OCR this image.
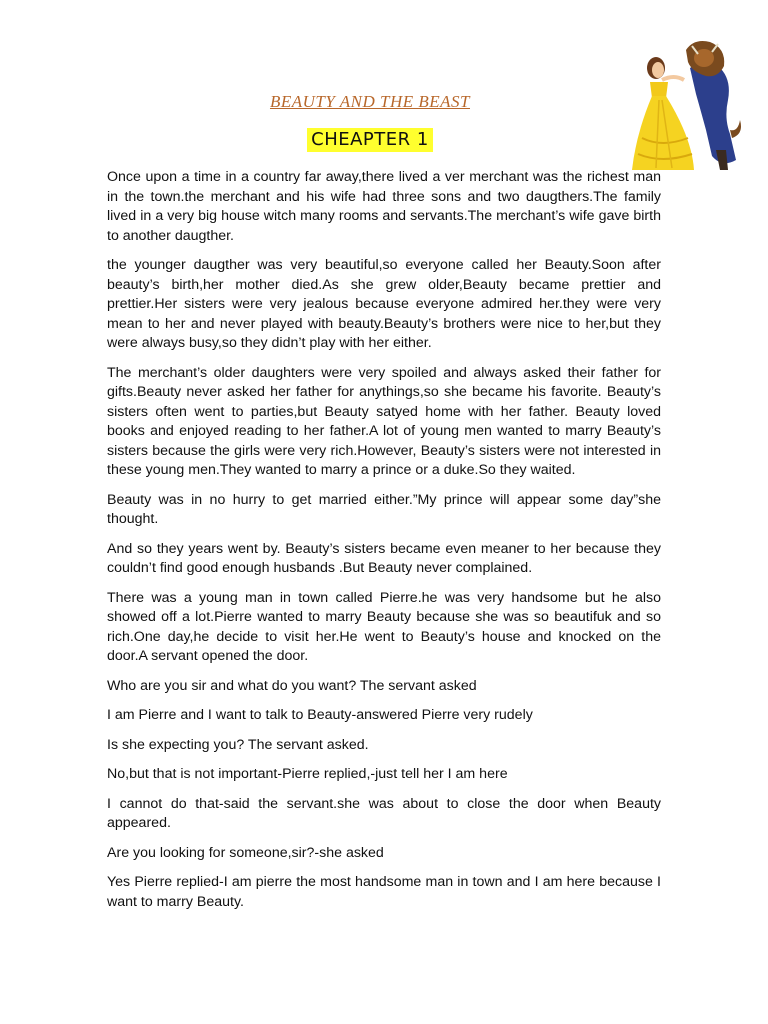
BEAUTY AND THE BEAST
CHEAPTER 1

Once upon a time in a country far away,there lived a ver merchant was the richest man in the town.the merchant and his wife had three sons and two daugthers.The family lived in a very big house witch many rooms and servants.The merchant’s wife gave birth to another daugther.

the younger daugther was very beautiful,so everyone called her Beauty.Soon after beauty’s birth,her mother died.As she grew older,Beauty became prettier and prettier.Her sisters were very jealous because everyone admired her.they were very mean to her and never played with beauty.Beauty’s brothers were nice to her,but they were always busy,so they didn’t play with her either.

The merchant’s older daughters were very spoiled and always asked their father for gifts.Beauty never asked her father for anythings,so she became his favorite. Beauty’s sisters often went to parties,but Beauty satyed home with her father. Beauty loved books and enjoyed reading to her father.A lot of young men wanted to marry Beauty’s sisters because the girls were very rich.However, Beauty’s sisters were not interested in these young men.They wanted to marry a prince or a duke.So they waited.

Beauty was in no hurry to get married either.”My prince will appear some day”she thought.

And so they years went by. Beauty’s sisters became even meaner to her because they couldn’t find good enough husbands .But Beauty never complained.

There was a young man in town called Pierre.he was very handsome but he also showed off a lot.Pierre wanted to marry Beauty because she was so beautifuk and so rich.One day,he decide to visit her.He went to Beauty’s house and knocked on the door.A servant opened the door.

Who are you sir and what do you want? The servant asked

I am Pierre and I want to talk to Beauty-answered Pierre very rudely

Is she expecting you? The servant asked.

No,but that is not important-Pierre replied,-just tell her I am here

I cannot do that-said the servant.she was about to close the door when Beauty appeared.

Are you looking for someone,sir?-she asked

Yes Pierre replied-I am pierre the most handsome man in town and I am here because I want to marry Beauty.
